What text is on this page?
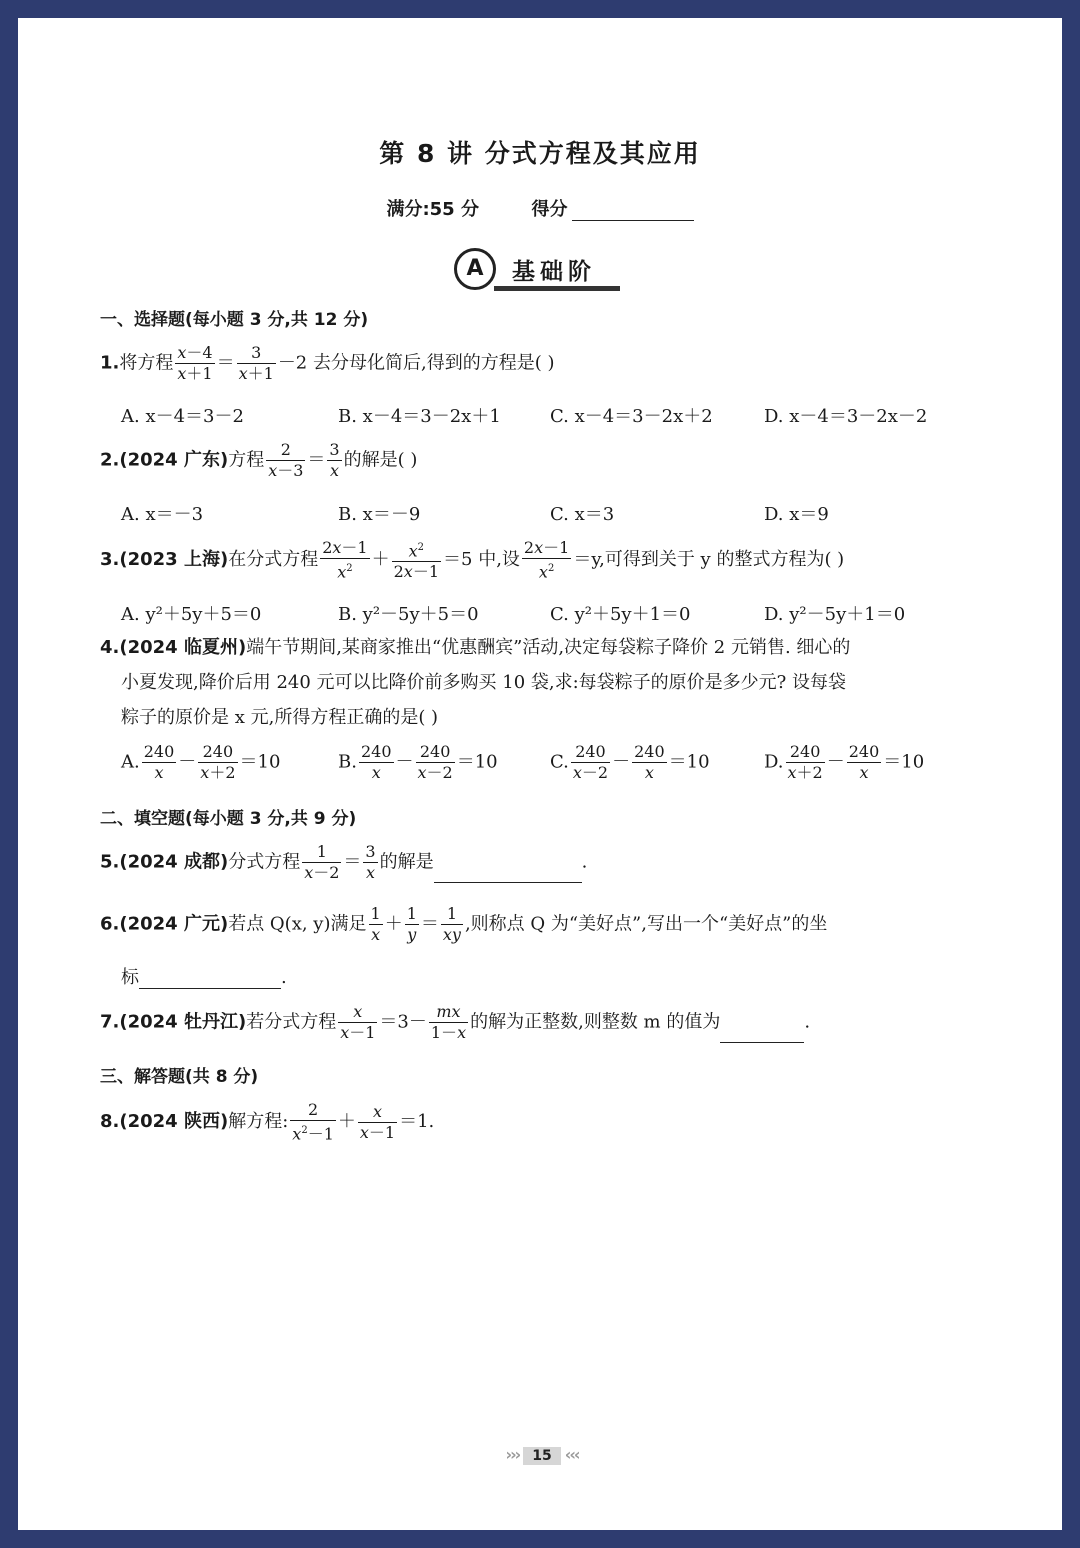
第 8 讲 分式方程及其应用
满分:55 分	得分
A	基础阶
一、选择题(每小题 3 分,共 12 分)
1.将方程 $\frac{x-4}{x+1} = \frac{3}{x+1} -2$ 去分母化简后,得到的方程是( )
A. x－4＝3－2	B. x－4＝3－2x＋1	C. x－4＝3－2x＋2	D. x－4＝3－2x－2
2.(2024 广东)方程 $\frac{2}{x-3} = \frac{3}{x}$ 的解是( )
A. x＝－3	B. x＝－9	C. x＝3	D. x＝9
3.(2023 上海)在分式方程 $\frac{2x-1}{x^2} + \frac{x^2}{2x-1} =5$ 中,设 $\frac{2x-1}{x^2} =y$,可得到关于 y 的整式方程为( )
A. y²＋5y＋5＝0	B. y²－5y＋5＝0	C. y²＋5y＋1＝0	D. y²－5y＋1＝0
4.(2024 临夏州)端午节期间,某商家推出“优惠酬宾”活动,决定每袋粽子降价 2 元销售. 细心的
小夏发现,降价后用 240 元可以比降价前多购买 10 袋,求:每袋粽子的原价是多少元? 设每袋
粽子的原价是 x 元,所得方程正确的是( )
A. $\frac{240}{x} - \frac{240}{x+2} =10$	B. $\frac{240}{x} - \frac{240}{x-2} =10$	C. $\frac{240}{x-2} - \frac{240}{x} =10$	D. $\frac{240}{x+2} - \frac{240}{x} =10$
二、填空题(每小题 3 分,共 9 分)
5.(2024 成都)分式方程 $\frac{1}{x-2} = \frac{3}{x}$ 的解是	.
6.(2024 广元)若点 Q(x, y)满足 $\frac{1}{x} + \frac{1}{y} = \frac{1}{xy}$ ,则称点 Q 为“美好点”,写出一个“美好点”的坐
标	.
7.(2024 牡丹江)若分式方程 $\frac{x}{x-1} =3- \frac{mx}{1-x}$ 的解为正整数,则整数 m 的值为	.
三、解答题(共 8 分)
8.(2024 陕西)解方程: $\frac{2}{x^2-1} + \frac{x}{x-1} =1$.
››› 15 ‹‹‹
